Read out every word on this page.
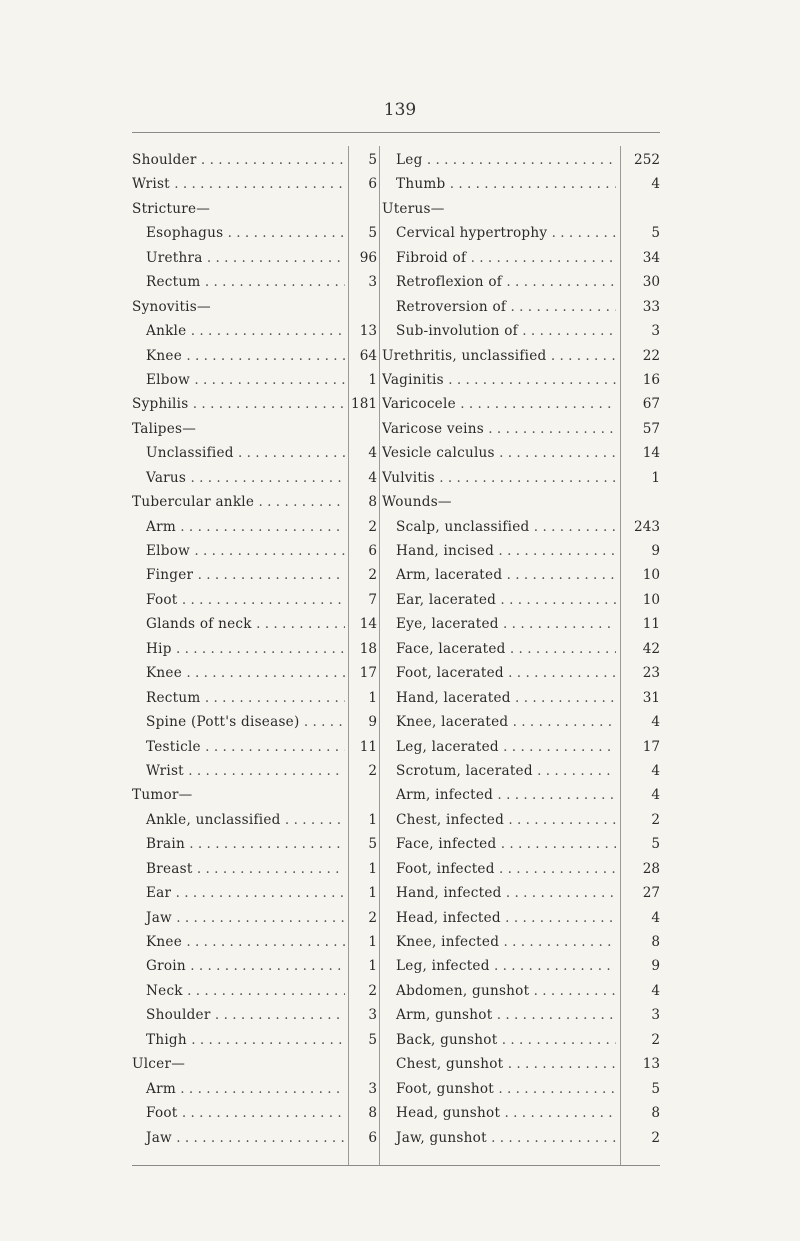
139
Shoulder . . .	5
Wrist . . .	6
Stricture—
Esophagus . . .	5
Urethra . . .	96
Rectum . . .	3
Synovitis—
Ankle . . .	13
Knee . . .	64
Elbow . . .	1
Syphilis . . .	181
Talipes—
Unclassified . . .	4
Varus . . .	4
Tubercular ankle . . .	8
Arm . . .	2
Elbow . . .	6
Finger . . .	2
Foot . . .	7
Glands of neck . . .	14
Hip . . .	18
Knee . . .	17
Rectum . . .	1
Spine (Pott's disease) . . .	9
Testicle . . .	11
Wrist . . .	2
Tumor—
Ankle, unclassified . . .	1
Brain . . .	5
Breast . . .	1
Ear . . .	1
Jaw . . .	2
Knee . . .	1
Groin . . .	1
Neck . . .	2
Shoulder . . .	3
Thigh . . .	5
Ulcer—
Arm . . .	3
Foot . . .	8
Jaw . . .	6
Leg . . .	252
Thumb . . .	4
Uterus—
Cervical hypertrophy . . .	5
Fibroid of . . .	34
Retroflexion of . . .	30
Retroversion of . . .	33
Sub-involution of . . .	3
Urethritis, unclassified . . .	22
Vaginitis . . .	16
Varicocele . . .	67
Varicose veins . . .	57
Vesicle calculus . . .	14
Vulvitis . . .	1
Wounds—
Scalp, unclassified . . .	243
Hand, incised . . .	9
Arm, lacerated . . .	10
Ear, lacerated . . .	10
Eye, lacerated . . .	11
Face, lacerated . . .	42
Foot, lacerated . . .	23
Hand, lacerated . . .	31
Knee, lacerated . . .	4
Leg, lacerated . . .	17
Scrotum, lacerated . . .	4
Arm, infected . . .	4
Chest, infected . . .	2
Face, infected . . .	5
Foot, infected . . .	28
Hand, infected . . .	27
Head, infected . . .	4
Knee, infected . . .	8
Leg, infected . . .	9
Abdomen, gunshot . . .	4
Arm, gunshot . . .	3
Back, gunshot . . .	2
Chest, gunshot . . .	13
Foot, gunshot . . .	5
Head, gunshot . . .	8
Jaw, gunshot . . .	2
